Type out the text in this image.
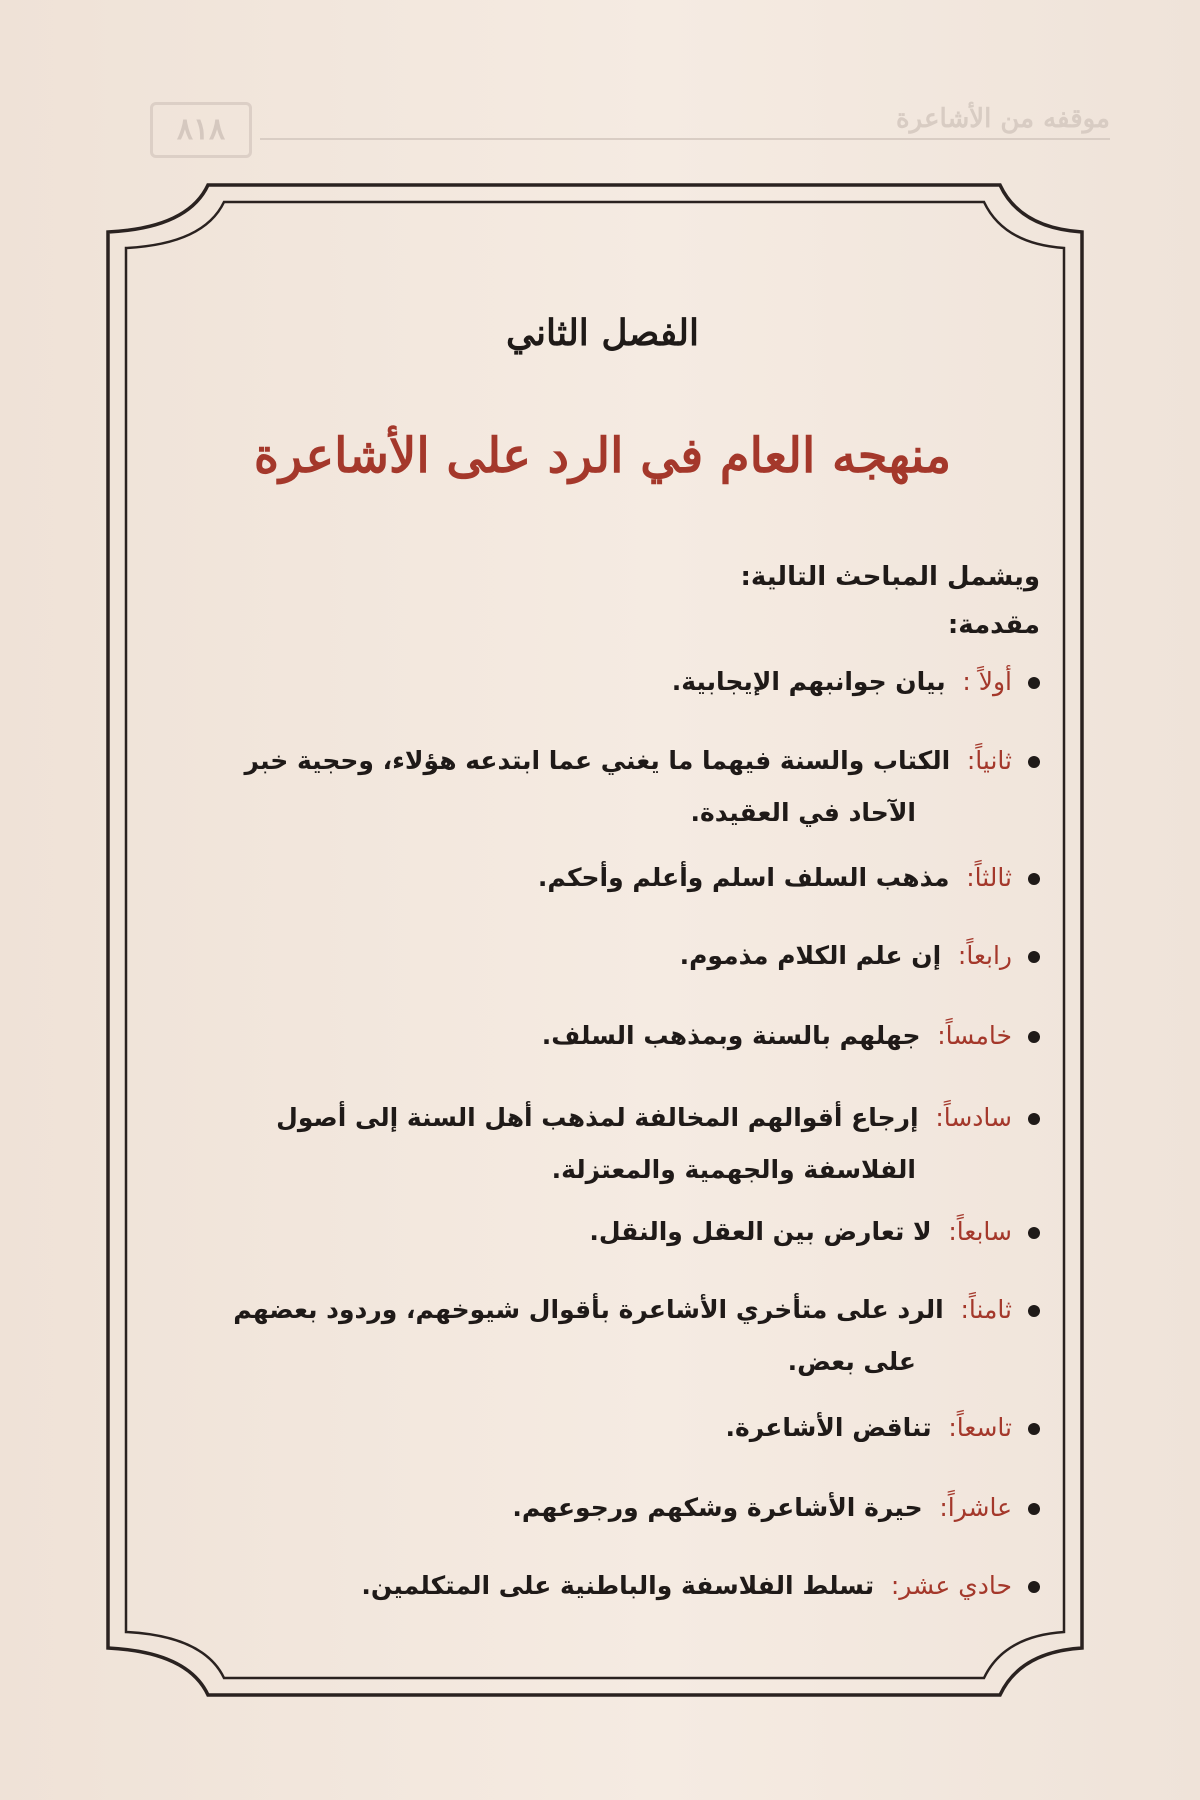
موقفه من الأشاعرة
٨١٨
الفصل الثاني
منهجه العام في الرد على الأشاعرة
ويشمل المباحث التالية:
مقدمة:
أولاً : بيان جوانبهم الإيجابية.
ثانياً: الكتاب والسنة فيهما ما يغني عما ابتدعه هؤلاء، وحجية خبر
الآحاد في العقيدة.
ثالثاً: مذهب السلف اسلم وأعلم وأحكم.
رابعاً: إن علم الكلام مذموم.
خامساً: جهلهم بالسنة وبمذهب السلف.
سادساً: إرجاع أقوالهم المخالفة لمذهب أهل السنة إلى أصول
الفلاسفة والجهمية والمعتزلة.
سابعاً: لا تعارض بين العقل والنقل.
ثامناً: الرد على متأخري الأشاعرة بأقوال شيوخهم، وردود بعضهم
على بعض.
تاسعاً: تناقض الأشاعرة.
عاشراً: حيرة الأشاعرة وشكهم ورجوعهم.
حادي عشر: تسلط الفلاسفة والباطنية على المتكلمين.
